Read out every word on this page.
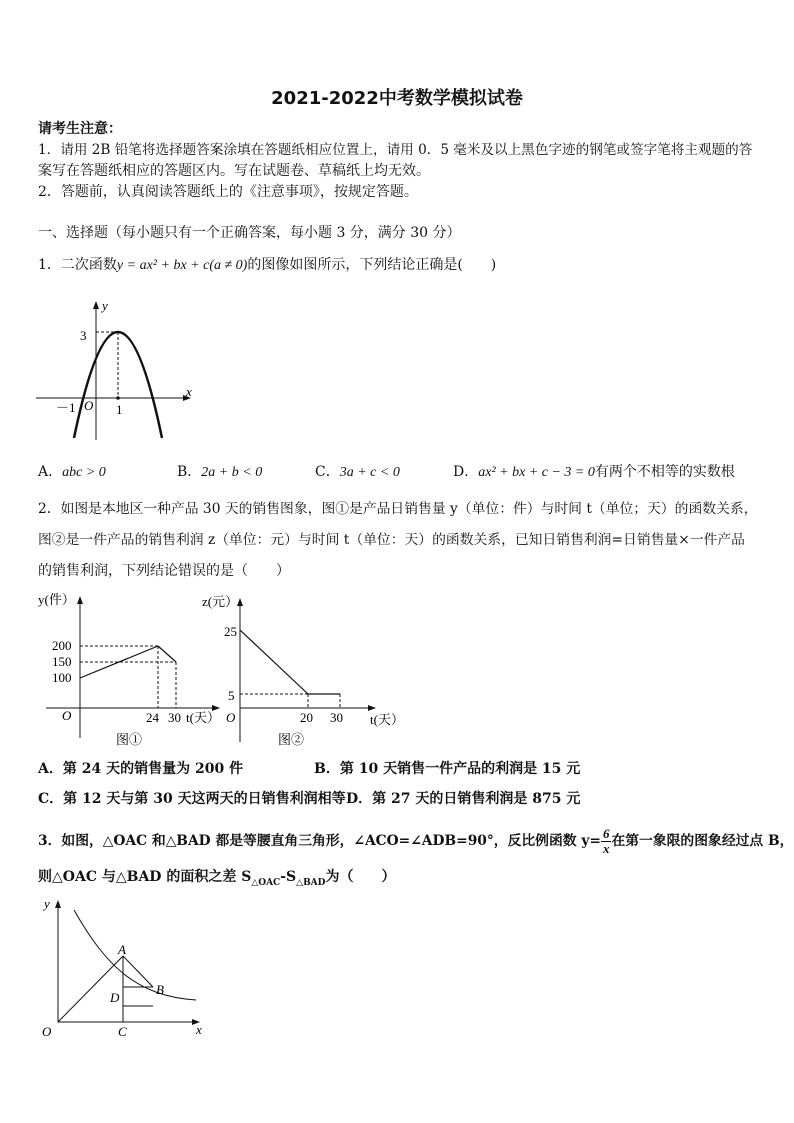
2021-2022中考数学模拟试卷
请考生注意：
1．请用 2B 铅笔将选择题答案涂填在答题纸相应位置上，请用 0．5 毫米及以上黑色字迹的钢笔或签字笔将主观题的答
案写在答题纸相应的答题区内。写在试题卷、草稿纸上均无效。
2．答题前，认真阅读答题纸上的《注意事项》，按规定答题。
一、选择题（每小题只有一个正确答案，每小题 3 分，满分 30 分）
1．二次函数y = ax² + bx + c(a ≠ 0)的图像如图所示，下列结论正确是(　　)
y
x
3
－1 O 1
A．abc > 0	B．2a + b < 0	C．3a + c < 0	D．ax² + bx + c − 3 = 0有两个不相等的实数根
2．如图是本地区一种产品 30 天的销售图象，图①是产品日销售量 y（单位：件）与时间 t（单位；天）的函数关系，
图②是一件产品的销售利润 z（单位：元）与时间 t（单位：天）的函数关系，已知日销售利润=日销售量×一件产品
的销售利润，下列结论错误的是（　　）
y(件）
200
150
100
O	24 30 t(天）
图①
z(元）
25
5
O	20 30 t(天）
图②
A．第 24 天的销售量为 200 件	B．第 10 天销售一件产品的利润是 15 元
C．第 12 天与第 30 天这两天的日销售利润相等 D．第 27 天的日销售利润是 875 元
3．如图，△OAC 和△BAD 都是等腰直角三角形，∠ACO=∠ADB=90°，反比例函数 $y= \frac{6}{x}$ 在第一象限的图象经过点 B，
则△OAC 与△BAD 的面积之差 $S_{\triangle OAC}-S_{\triangle BAD}$为（　　）
y
x
A
B
D
C
O
